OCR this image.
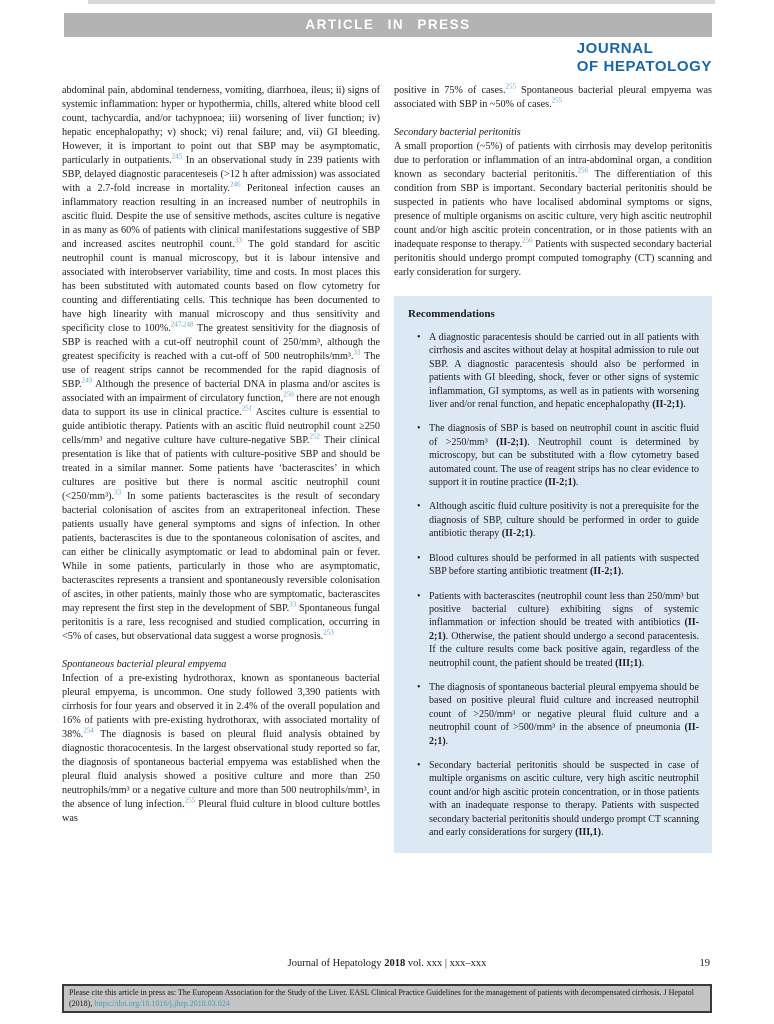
ARTICLE IN PRESS
JOURNAL
OF HEPATOLOGY

abdominal pain, abdominal tenderness, vomiting, diarrhoea, ileus; ii) signs of systemic inflammation: hyper or hypothermia, chills, altered white blood cell count, tachycardia, and/or tachypnoea; iii) worsening of liver function; iv) hepatic encephalopathy; v) shock; vi) renal failure; and, vii) GI bleeding. However, it is important to point out that SBP may be asymptomatic, particularly in outpatients.$^{245}$ In an observational study in 239 patients with SBP, delayed diagnostic paracenteseis (>12 h after admission) was associated with a 2.7-fold increase in mortality.$^{246}$ Peritoneal infection causes an inflammatory reaction resulting in an increased number of neutrophils in ascitic fluid. Despite the use of sensitive methods, ascites culture is negative in as many as 60% of patients with clinical manifestations suggestive of SBP and increased ascites neutrophil count.$^{33}$ The gold standard for ascitic neutrophil count is manual microscopy, but it is labour intensive and associated with interobserver variability, time and costs. In most places this has been substituted with automated counts based on flow cytometry for counting and differentiating cells. This technique has been documented to have high linearity with manual microscopy and thus sensitivity and specificity close to 100%.$^{247,248}$ The greatest sensitivity for the diagnosis of SBP is reached with a cut-off neutrophil count of 250/mm³, although the greatest specificity is reached with a cut-off of 500 neutrophils/mm³.$^{33}$ The use of reagent strips cannot be recommended for the rapid diagnosis of SBP.$^{249}$ Although the presence of bacterial DNA in plasma and/or ascites is associated with an impairment of circulatory function,$^{250}$ there are not enough data to support its use in clinical practice.$^{251}$ Ascites culture is essential to guide antibiotic therapy. Patients with an ascitic fluid neutrophil count ≥250 cells/mm³ and negative culture have culture-negative SBP.$^{252}$ Their clinical presentation is like that of patients with culture-positive SBP and should be treated in a similar manner. Some patients have ‘bacterascites’ in which cultures are positive but there is normal ascitic neutrophil count (<250/mm³).$^{33}$ In some patients bacterascites is the result of secondary bacterial colonisation of ascites from an extraperitoneal infection. These patients usually have general symptoms and signs of infection. In other patients, bacterascites is due to the spontaneous colonisation of ascites, and can either be clinically asymptomatic or lead to abdominal pain or fever. While in some patients, particularly in those who are asymptomatic, bacterascites represents a transient and spontaneously reversible colonisation of ascites, in other patients, mainly those who are symptomatic, bacterascites may represent the first step in the development of SBP.$^{33}$ Spontaneous fungal peritonitis is a rare, less recognised and studied complication, occurring in <5% of cases, but observational data suggest a worse prognosis.$^{253}$

Spontaneous bacterial pleural empyema

Infection of a pre-existing hydrothorax, known as spontaneous bacterial pleural empyema, is uncommon. One study followed 3,390 patients with cirrhosis for four years and observed it in 2.4% of the overall population and 16% of patients with pre-existing hydrothorax, with associated mortality of 38%.$^{254}$ The diagnosis is based on pleural fluid analysis obtained by diagnostic thoracocentesis. In the largest observational study reported so far, the diagnosis of spontaneous bacterial empyema was established when the pleural fluid analysis showed a positive culture and more than 250 neutrophils/mm³ or a negative culture and more than 500 neutrophils/mm³, in the absence of lung infection.$^{255}$ Pleural fluid culture in blood culture bottles was

positive in 75% of cases.$^{255}$ Spontaneous bacterial pleural empyema was associated with SBP in ~50% of cases.$^{255}$

Secondary bacterial peritonitis

A small proportion (~5%) of patients with cirrhosis may develop peritonitis due to perforation or inflammation of an intra-abdominal organ, a condition known as secondary bacterial peritonitis.$^{256}$ The differentiation of this condition from SBP is important. Secondary bacterial peritonitis should be suspected in patients who have localised abdominal symptoms or signs, presence of multiple organisms on ascitic culture, very high ascitic neutrophil count and/or high ascitic protein concentration, or in those patients with an inadequate response to therapy.$^{256}$ Patients with suspected secondary bacterial peritonitis should undergo prompt computed tomography (CT) scanning and early consideration for surgery.

Recommendations
• A diagnostic paracentesis should be carried out in all patients with cirrhosis and ascites without delay at hospital admission to rule out SBP. A diagnostic paracentesis should also be performed in patients with GI bleeding, shock, fever or other signs of systemic inflammation, GI symptoms, as well as in patients with worsening liver and/or renal function, and hepatic encephalopathy (II-2;1).
• The diagnosis of SBP is based on neutrophil count in ascitic fluid of >250/mm³ (II-2;1). Neutrophil count is determined by microscopy, but can be substituted with a flow cytometry based automated count. The use of reagent strips has no clear evidence to support it in routine practice (II-2;1).
• Although ascitic fluid culture positivity is not a prerequisite for the diagnosis of SBP, culture should be performed in order to guide antibiotic therapy (II-2;1).
• Blood cultures should be performed in all patients with suspected SBP before starting antibiotic treatment (II-2;1).
• Patients with bacterascites (neutrophil count less than 250/mm³ but positive bacterial culture) exhibiting signs of systemic inflammation or infection should be treated with antibiotics (II-2;1). Otherwise, the patient should undergo a second paracentesis. If the culture results come back positive again, regardless of the neutrophil count, the patient should be treated (III;1).
• The diagnosis of spontaneous bacterial pleural empyema should be based on positive pleural fluid culture and increased neutrophil count of >250/mm³ or negative pleural fluid culture and a neutrophil count of >500/mm³ in the absence of pneumonia (II-2;1).
• Secondary bacterial peritonitis should be suspected in case of multiple organisms on ascitic culture, very high ascitic neutrophil count and/or high ascitic protein concentration, or in those patients with an inadequate response to therapy. Patients with suspected secondary bacterial peritonitis should undergo prompt CT scanning and early considerations for surgery (III,1).
Journal of Hepatology 2018 vol. xxx | xxx–xxx	19
Please cite this article in press as: The European Association for the Study of the Liver. EASL Clinical Practice Guidelines for the management of patients with decompensated cirrhosis. J Hepatol (2018), https://doi.org/10.1016/j.jhep.2018.03.024
